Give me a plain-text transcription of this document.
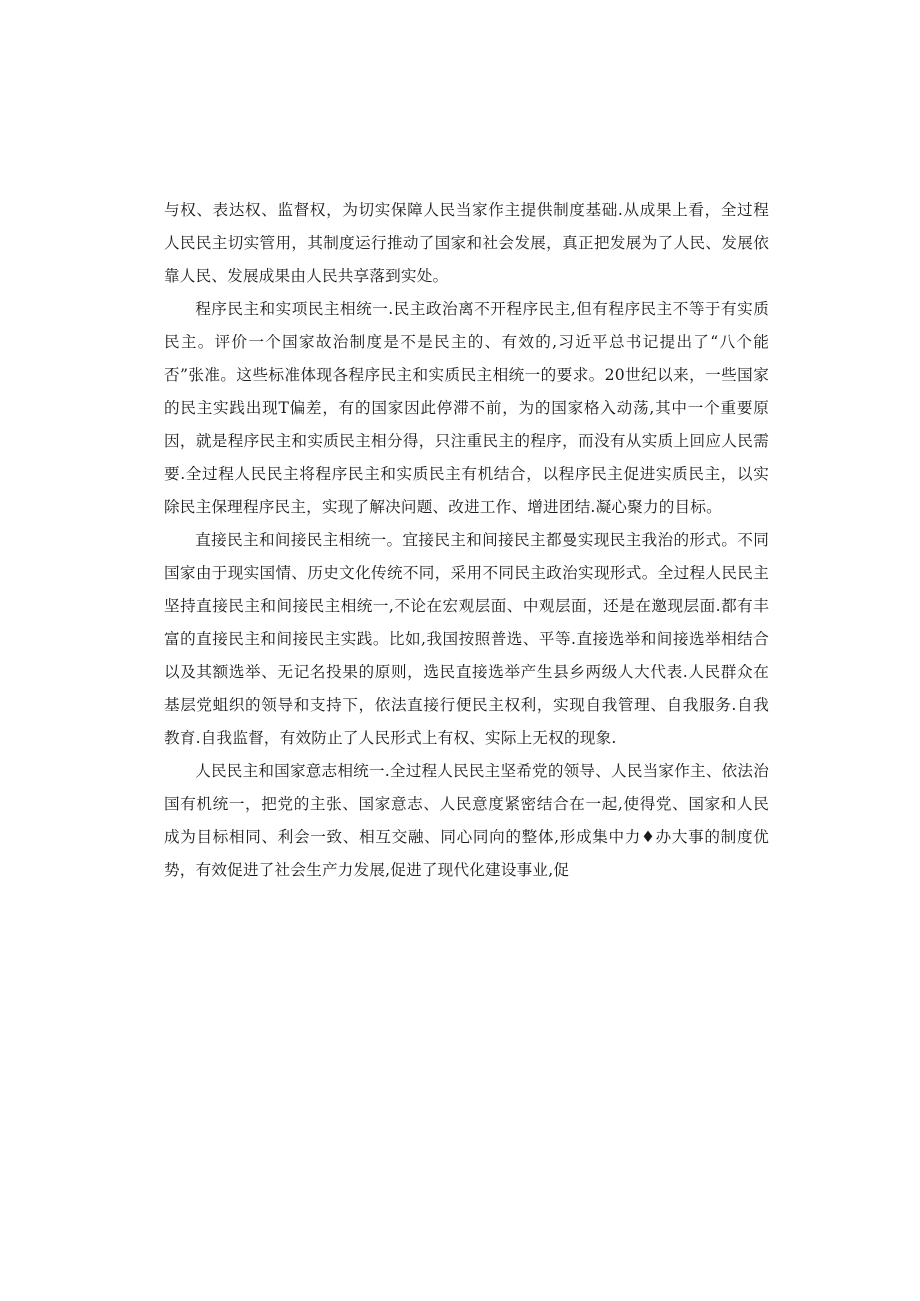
与权、表达权、监督权，为切实保障人民当家作主提供制度基础.从成果上看，全过程人民民主切实管用，其制度运行推动了国家和社会发展，真正把发展为了人民、发展依靠人民、发展成果由人民共享落到实处。

程序民主和实项民主相统一.民主政治离不开程序民主,但有程序民主不等于有实质民主。评价一个国家故治制度是不是民主的、有效的,习近平总书记提出了“八个能否”张准。这些标准体现各程序民主和实质民主相统一的要求。20世纪以来，一些国家的民主实践出现T偏差，有的国家因此停滞不前，为的国家格入动荡,其中一个重要原因，就是程序民主和实质民主相分得，只注重民主的程序，而没有从实质上回应人民需要.全过程人民民主将程序民主和实质民主有机结合，以程序民主促进实质民主，以实除民主保理程序民主，实现了解决问题、改进工作、增进团结.凝心聚力的目标。

直接民主和间接民主相统一。宜接民主和间接民主都曼实现民主我治的形式。不同国家由于现实国情、历史文化传统不同，采用不同民主政治实现形式。全过程人民民主坚持直接民主和间接民主相统一,不论在宏观层面、中观层面，还是在邀现层面.都有丰富的直接民主和间接民主实践。比如,我国按照普选、平等.直接选举和间接选举相结合以及其额选举、无记名投果的原则，选民直接选举产生县乡两级人大代表.人民群众在基层党蛆织的领导和支持下，依法直接行便民主权利，实现自我管理、自我服务.自我教育.自我监督，有效防止了人民形式上有权、实际上无权的现象.

人民民主和国家意志相统一.全过程人民民主坚希党的领导、人民当家作主、依法治国有机统一，把党的主张、国家意志、人民意度紧密结合在一起,使得党、国家和人民成为目标相同、利会一致、相互交融、同心同向的整体,形成集中力♦办大事的制度优势，有效促进了社会生产力发展,促进了现代化建设事业,促
